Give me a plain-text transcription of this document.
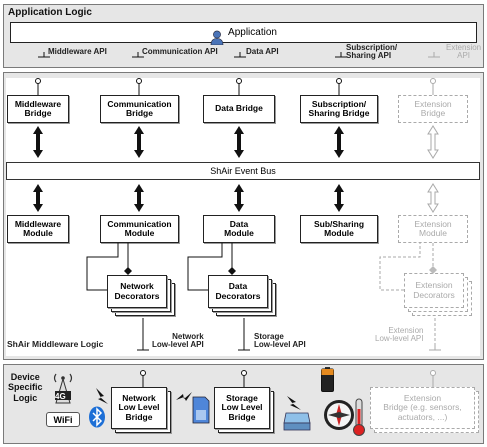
Application Logic

Application
Middleware API	Communication API	Data API	Subscription/
Sharing API
Extension
API
Middleware
Bridge
Communication
Bridge	Data Bridge	Subscription/
Sharing Bridge
Extension
Bridge
ShAir Event Bus
Middleware
Module
Communication
Module
Data
Module
Sub/Sharing
Module
Extension
Module
Network
Decorators
Data
Decorators
Extension
Decorators
Network
Low-level API
Storage
Low-level API
Extension
Low-level API
ShAir Middleware Logic
Device
Specific
Logic	Network
Low Level
Bridge
Storage
Low Level
Bridge
Extension
Bridge (e.g. sensors,
actuators, ...)
4G
WiFi
